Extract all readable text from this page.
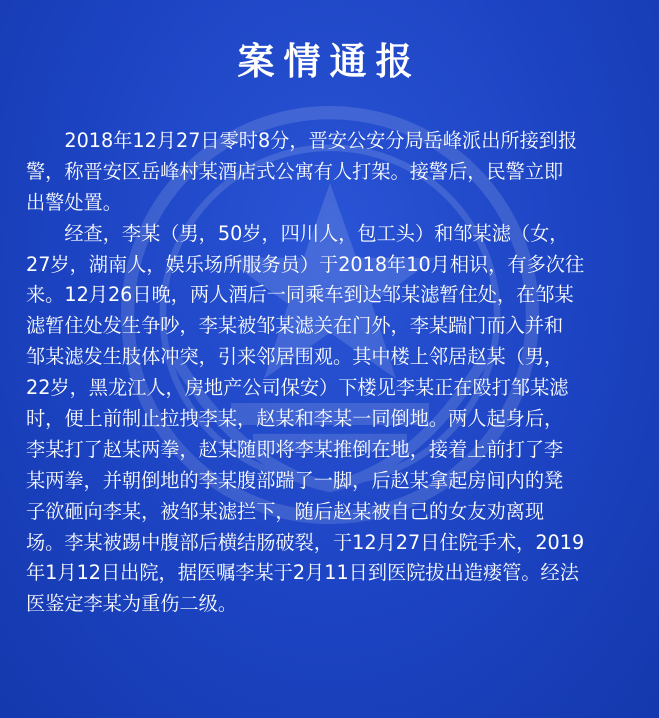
案情通报
　　2018年12月27日零时8分，晋安公安分局岳峰派出所接到报
警，称晋安区岳峰村某酒店式公寓有人打架。接警后，民警立即
出警处置。
　　经查，李某（男，50岁，四川人，包工头）和邹某滤（女，
27岁，湖南人，娱乐场所服务员）于2018年10月相识，有多次往
来。12月26日晚，两人酒后一同乘车到达邹某滤暂住处，在邹某
滤暂住处发生争吵，李某被邹某滤关在门外，李某踹门而入并和
邹某滤发生肢体冲突，引来邻居围观。其中楼上邻居赵某（男，
22岁，黑龙江人，房地产公司保安）下楼见李某正在殴打邹某滤
时，便上前制止拉拽李某，赵某和李某一同倒地。两人起身后，
李某打了赵某两拳，赵某随即将李某推倒在地，接着上前打了李
某两拳，并朝倒地的李某腹部踹了一脚，后赵某拿起房间内的凳
子欲砸向李某，被邹某滤拦下，随后赵某被自己的女友劝离现
场。李某被踢中腹部后横结肠破裂，于12月27日住院手术，2019
年1月12日出院，据医嘱李某于2月11日到医院拔出造瘘管。经法
医鉴定李某为重伤二级。
